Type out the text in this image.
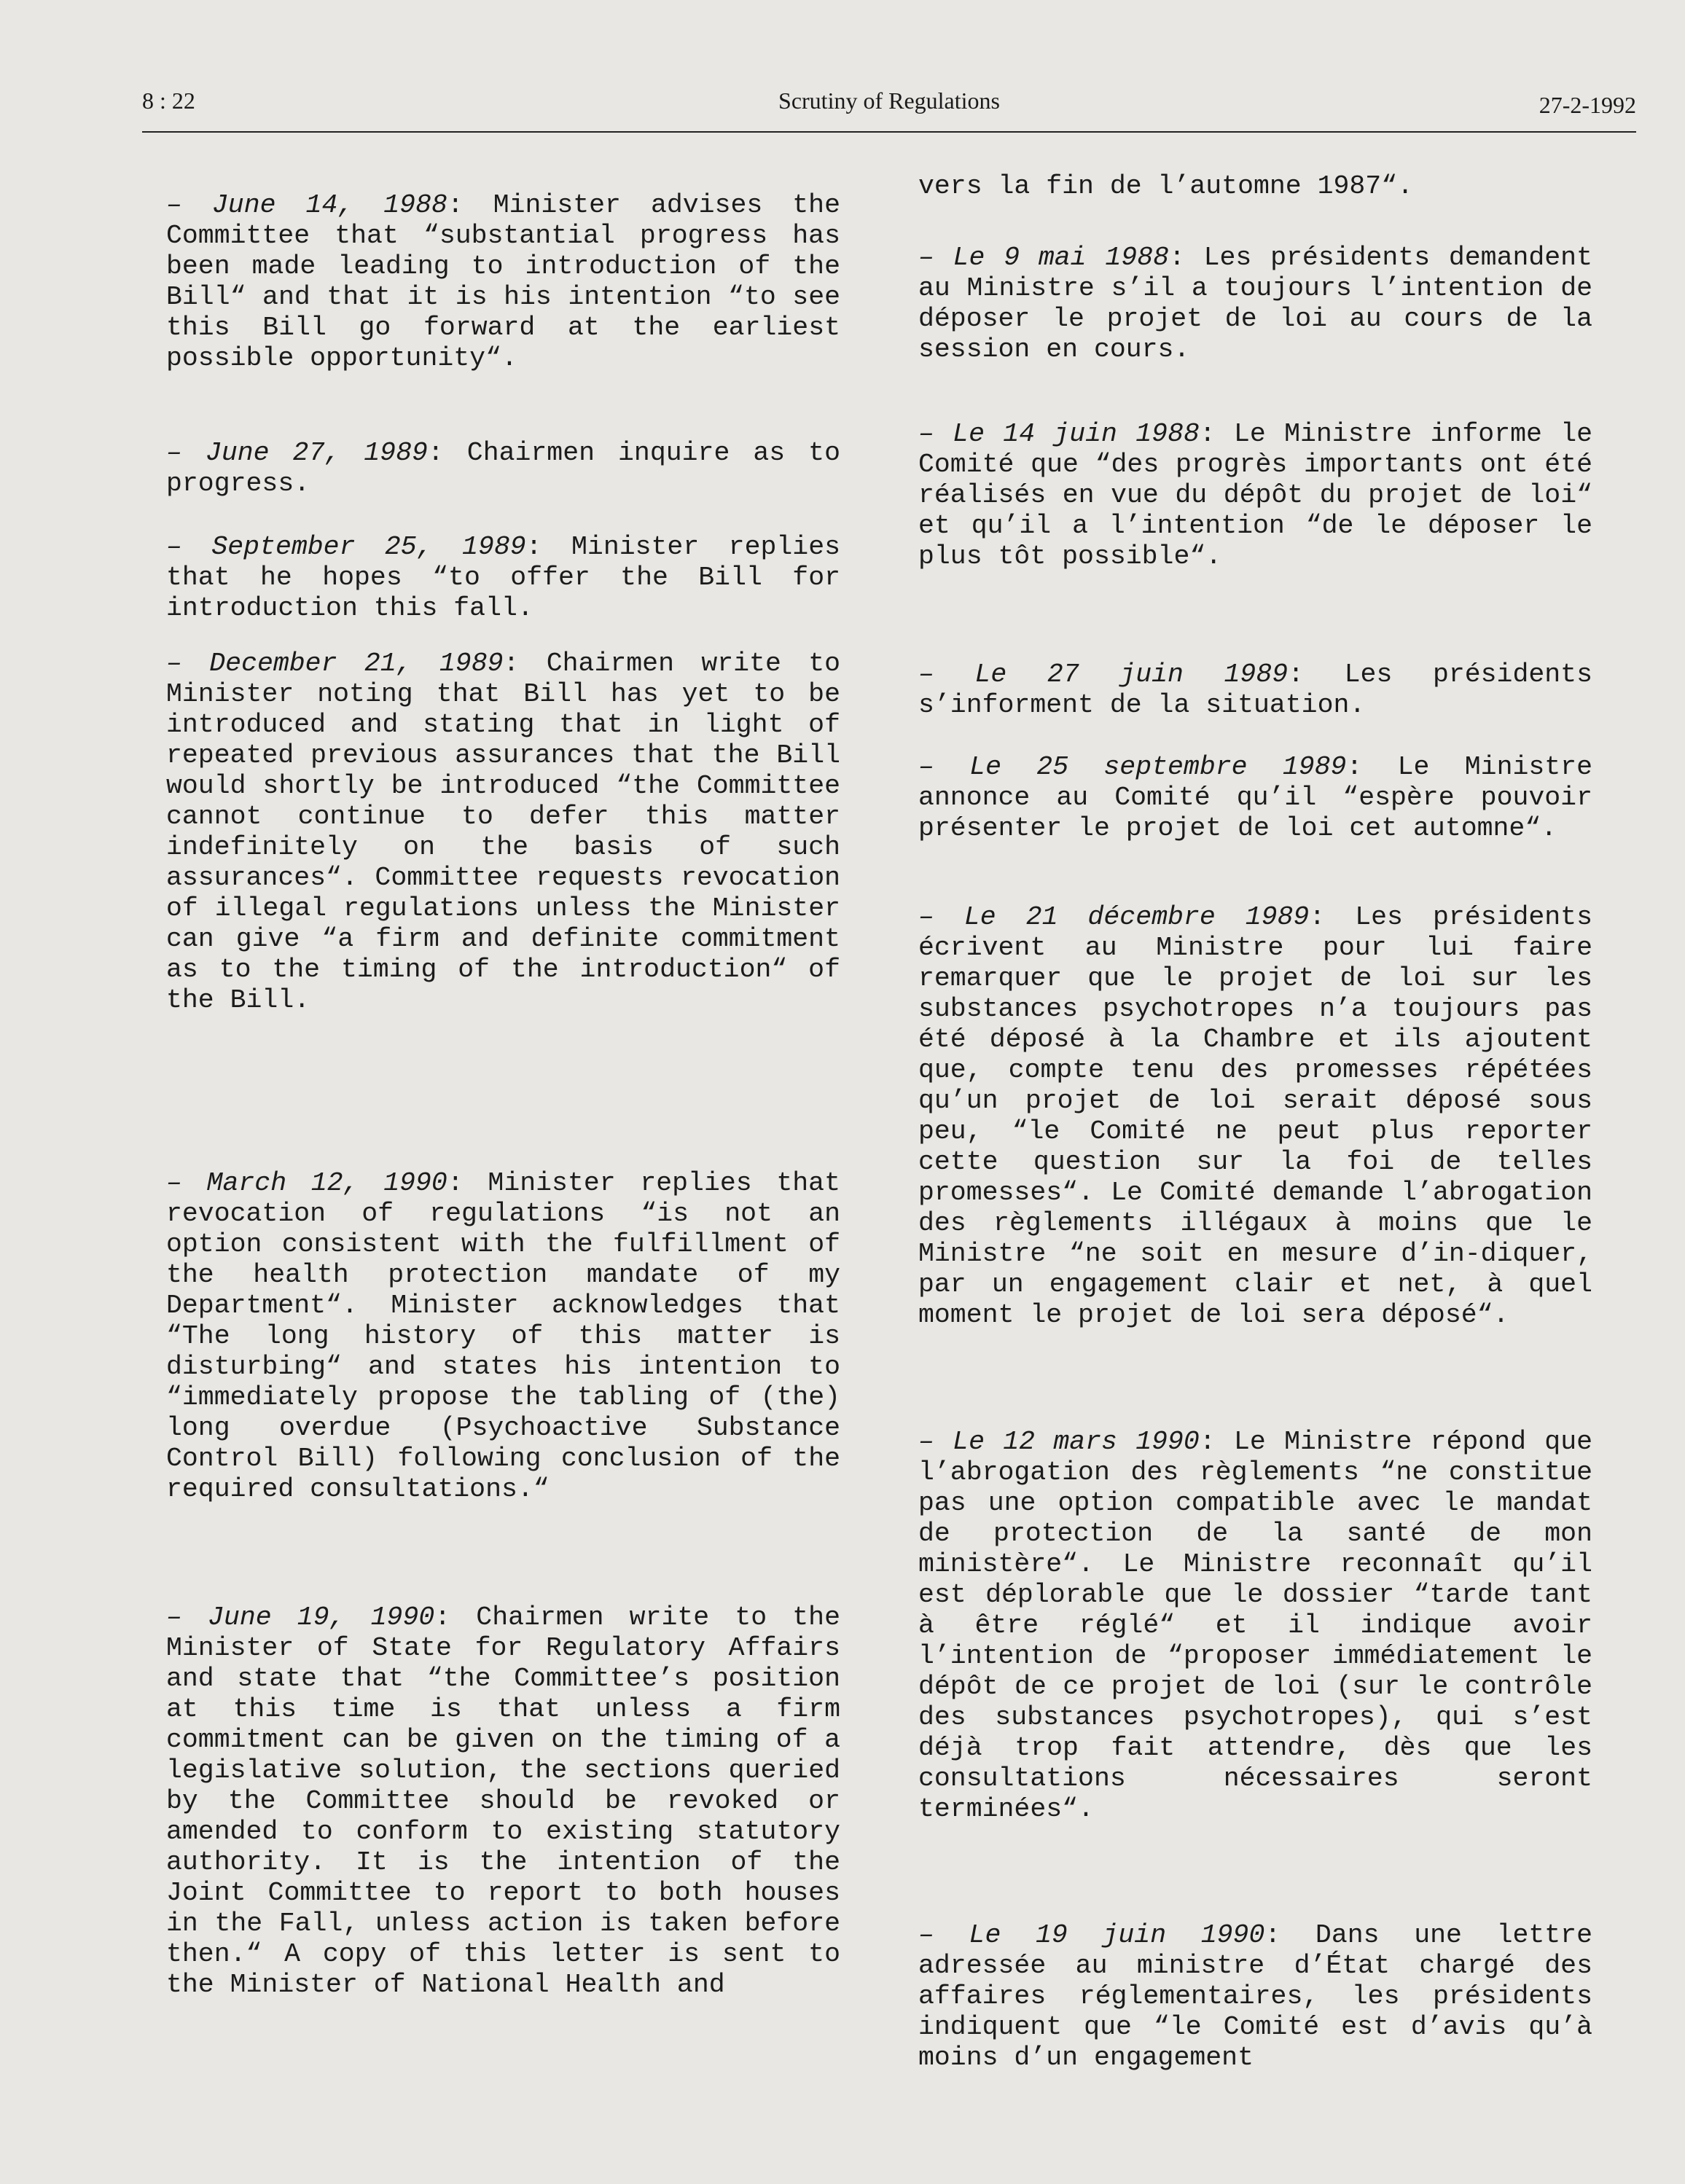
8 : 22	Scrutiny of Regulations	27-2-1992
– June 14, 1988: Minister advises the Committee that “substantial progress has been made leading to introduction of the Bill“ and that it is his intention “to see this Bill go forward at the earliest possible opportunity“.
– June 27, 1989: Chairmen inquire as to progress.
– September 25, 1989: Minister replies that he hopes “to offer the Bill for introduction this fall.
– December 21, 1989: Chairmen write to Minister noting that Bill has yet to be introduced and stating that in light of repeated previous assurances that the Bill would shortly be introduced “the Committee cannot continue to defer this matter indefinitely on the basis of such assurances“. Committee requests revocation of illegal regulations unless the Minister can give “a firm and definite commitment as to the timing of the introduction“ of the Bill.
– March 12, 1990: Minister replies that revocation of regulations “is not an option consistent with the fulfillment of the health protection mandate of my Department“. Minister acknowledges that “The long history of this matter is disturbing“ and states his intention to “immediately propose the tabling of (the) long overdue (Psychoactive Substance Control Bill) following conclusion of the required consultations.“
– June 19, 1990: Chairmen write to the Minister of State for Regulatory Affairs and state that “the Committee’s position at this time is that unless a firm commitment can be given on the timing of a legislative solution, the sections queried by the Committee should be revoked or amended to conform to existing statutory authority. It is the intention of the Joint Committee to report to both houses in the Fall, unless action is taken before then.“ A copy of this letter is sent to the Minister of National Health and
vers la fin de l’automne 1987“.
– Le 9 mai 1988: Les présidents demandent au Ministre s’il a toujours l’intention de déposer le projet de loi au cours de la session en cours.
– Le 14 juin 1988: Le Ministre informe le Comité que “des progrès importants ont été réalisés en vue du dépôt du projet de loi“ et qu’il a l’intention “de le déposer le plus tôt possible“.
– Le 27 juin 1989: Les présidents s’informent de la situation.
– Le 25 septembre 1989: Le Ministre annonce au Comité qu’il “espère pouvoir présenter le projet de loi cet automne“.
– Le 21 décembre 1989: Les présidents écrivent au Ministre pour lui faire remarquer que le projet de loi sur les substances psychotropes n’a toujours pas été déposé à la Chambre et ils ajoutent que, compte tenu des promesses répétées qu’un projet de loi serait déposé sous peu, “le Comité ne peut plus reporter cette question sur la foi de telles promesses“. Le Comité demande l’abrogation des règlements illégaux à moins que le Ministre “ne soit en mesure d’in-diquer, par un engagement clair et net, à quel moment le projet de loi sera déposé“.
– Le 12 mars 1990: Le Ministre répond que l’abrogation des règlements “ne constitue pas une option compatible avec le mandat de protection de la santé de mon ministère“. Le Ministre reconnaît qu’il est déplorable que le dossier “tarde tant à être réglé“ et il indique avoir l’intention de “proposer immédiatement le dépôt de ce projet de loi (sur le contrôle des substances psychotropes), qui s’est déjà trop fait attendre, dès que les consultations nécessaires seront terminées“.
– Le 19 juin 1990: Dans une lettre adressée au ministre d’État chargé des affaires réglementaires, les présidents indiquent que “le Comité est d’avis qu’à moins d’un engagement
